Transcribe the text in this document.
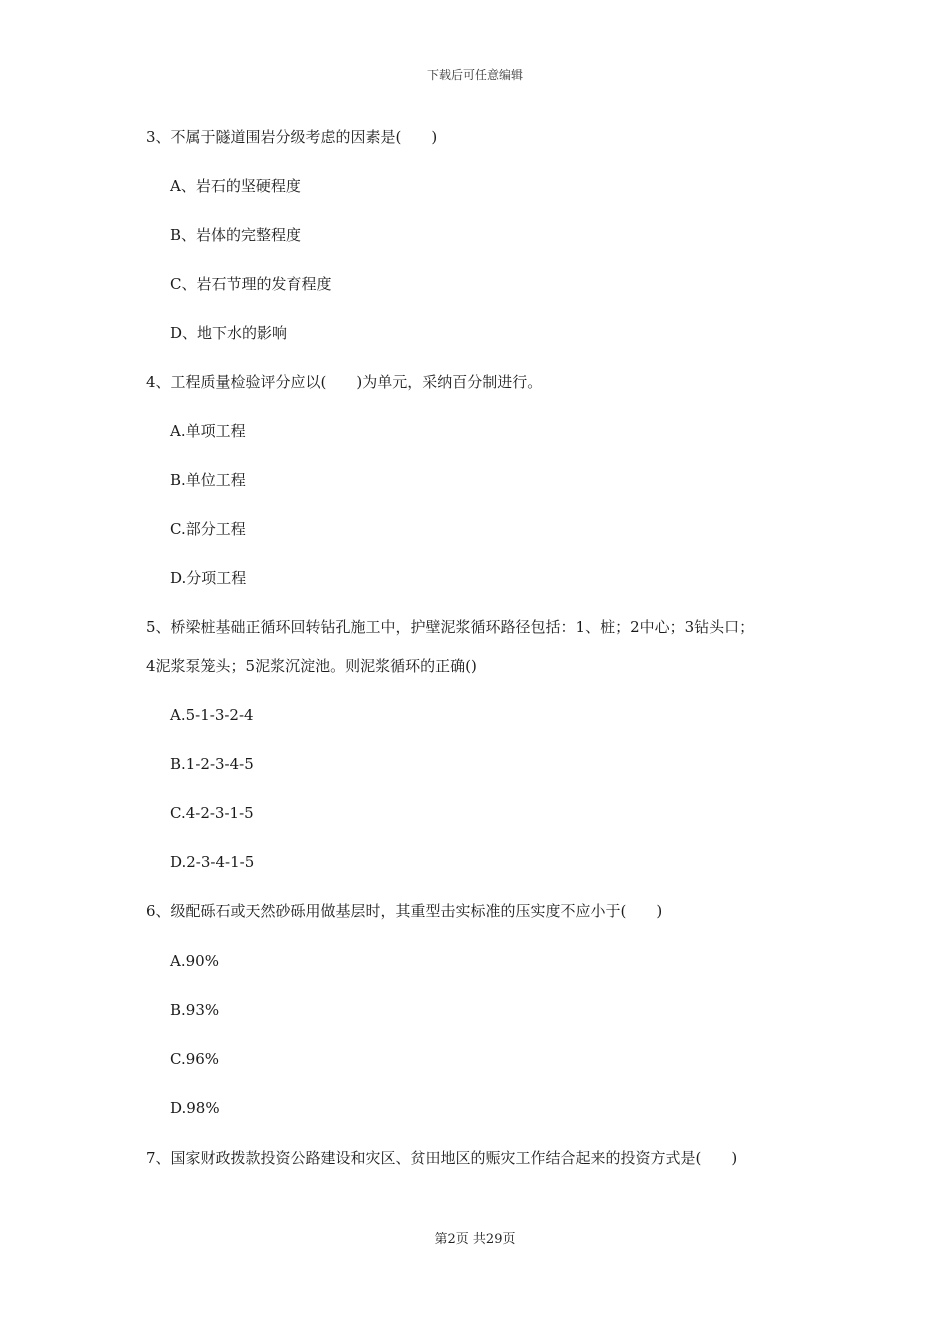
下载后可任意编辑
3、不属于隧道围岩分级考虑的因素是(　　)
A、岩石的坚硬程度
B、岩体的完整程度
C、岩石节理的发育程度
D、地下水的影响
4、工程质量检验评分应以(　　)为单元，采纳百分制进行。
A.单项工程
B.单位工程
C.部分工程
D.分项工程
5、桥梁桩基础正循环回转钻孔施工中，护壁泥浆循环路径包括：1、桩；2中心；3钻头口；
4泥浆泵笼头；5泥浆沉淀池。则泥浆循环的正确()
A.5-1-3-2-4
B.1-2-3-4-5
C.4-2-3-1-5
D.2-3-4-1-5
6、级配砾石或天然砂砾用做基层时，其重型击实标准的压实度不应小于(　　)
A.90%
B.93%
C.96%
D.98%
7、国家财政拨款投资公路建设和灾区、贫田地区的赈灾工作结合起来的投资方式是(　　)
第2页 共29页
